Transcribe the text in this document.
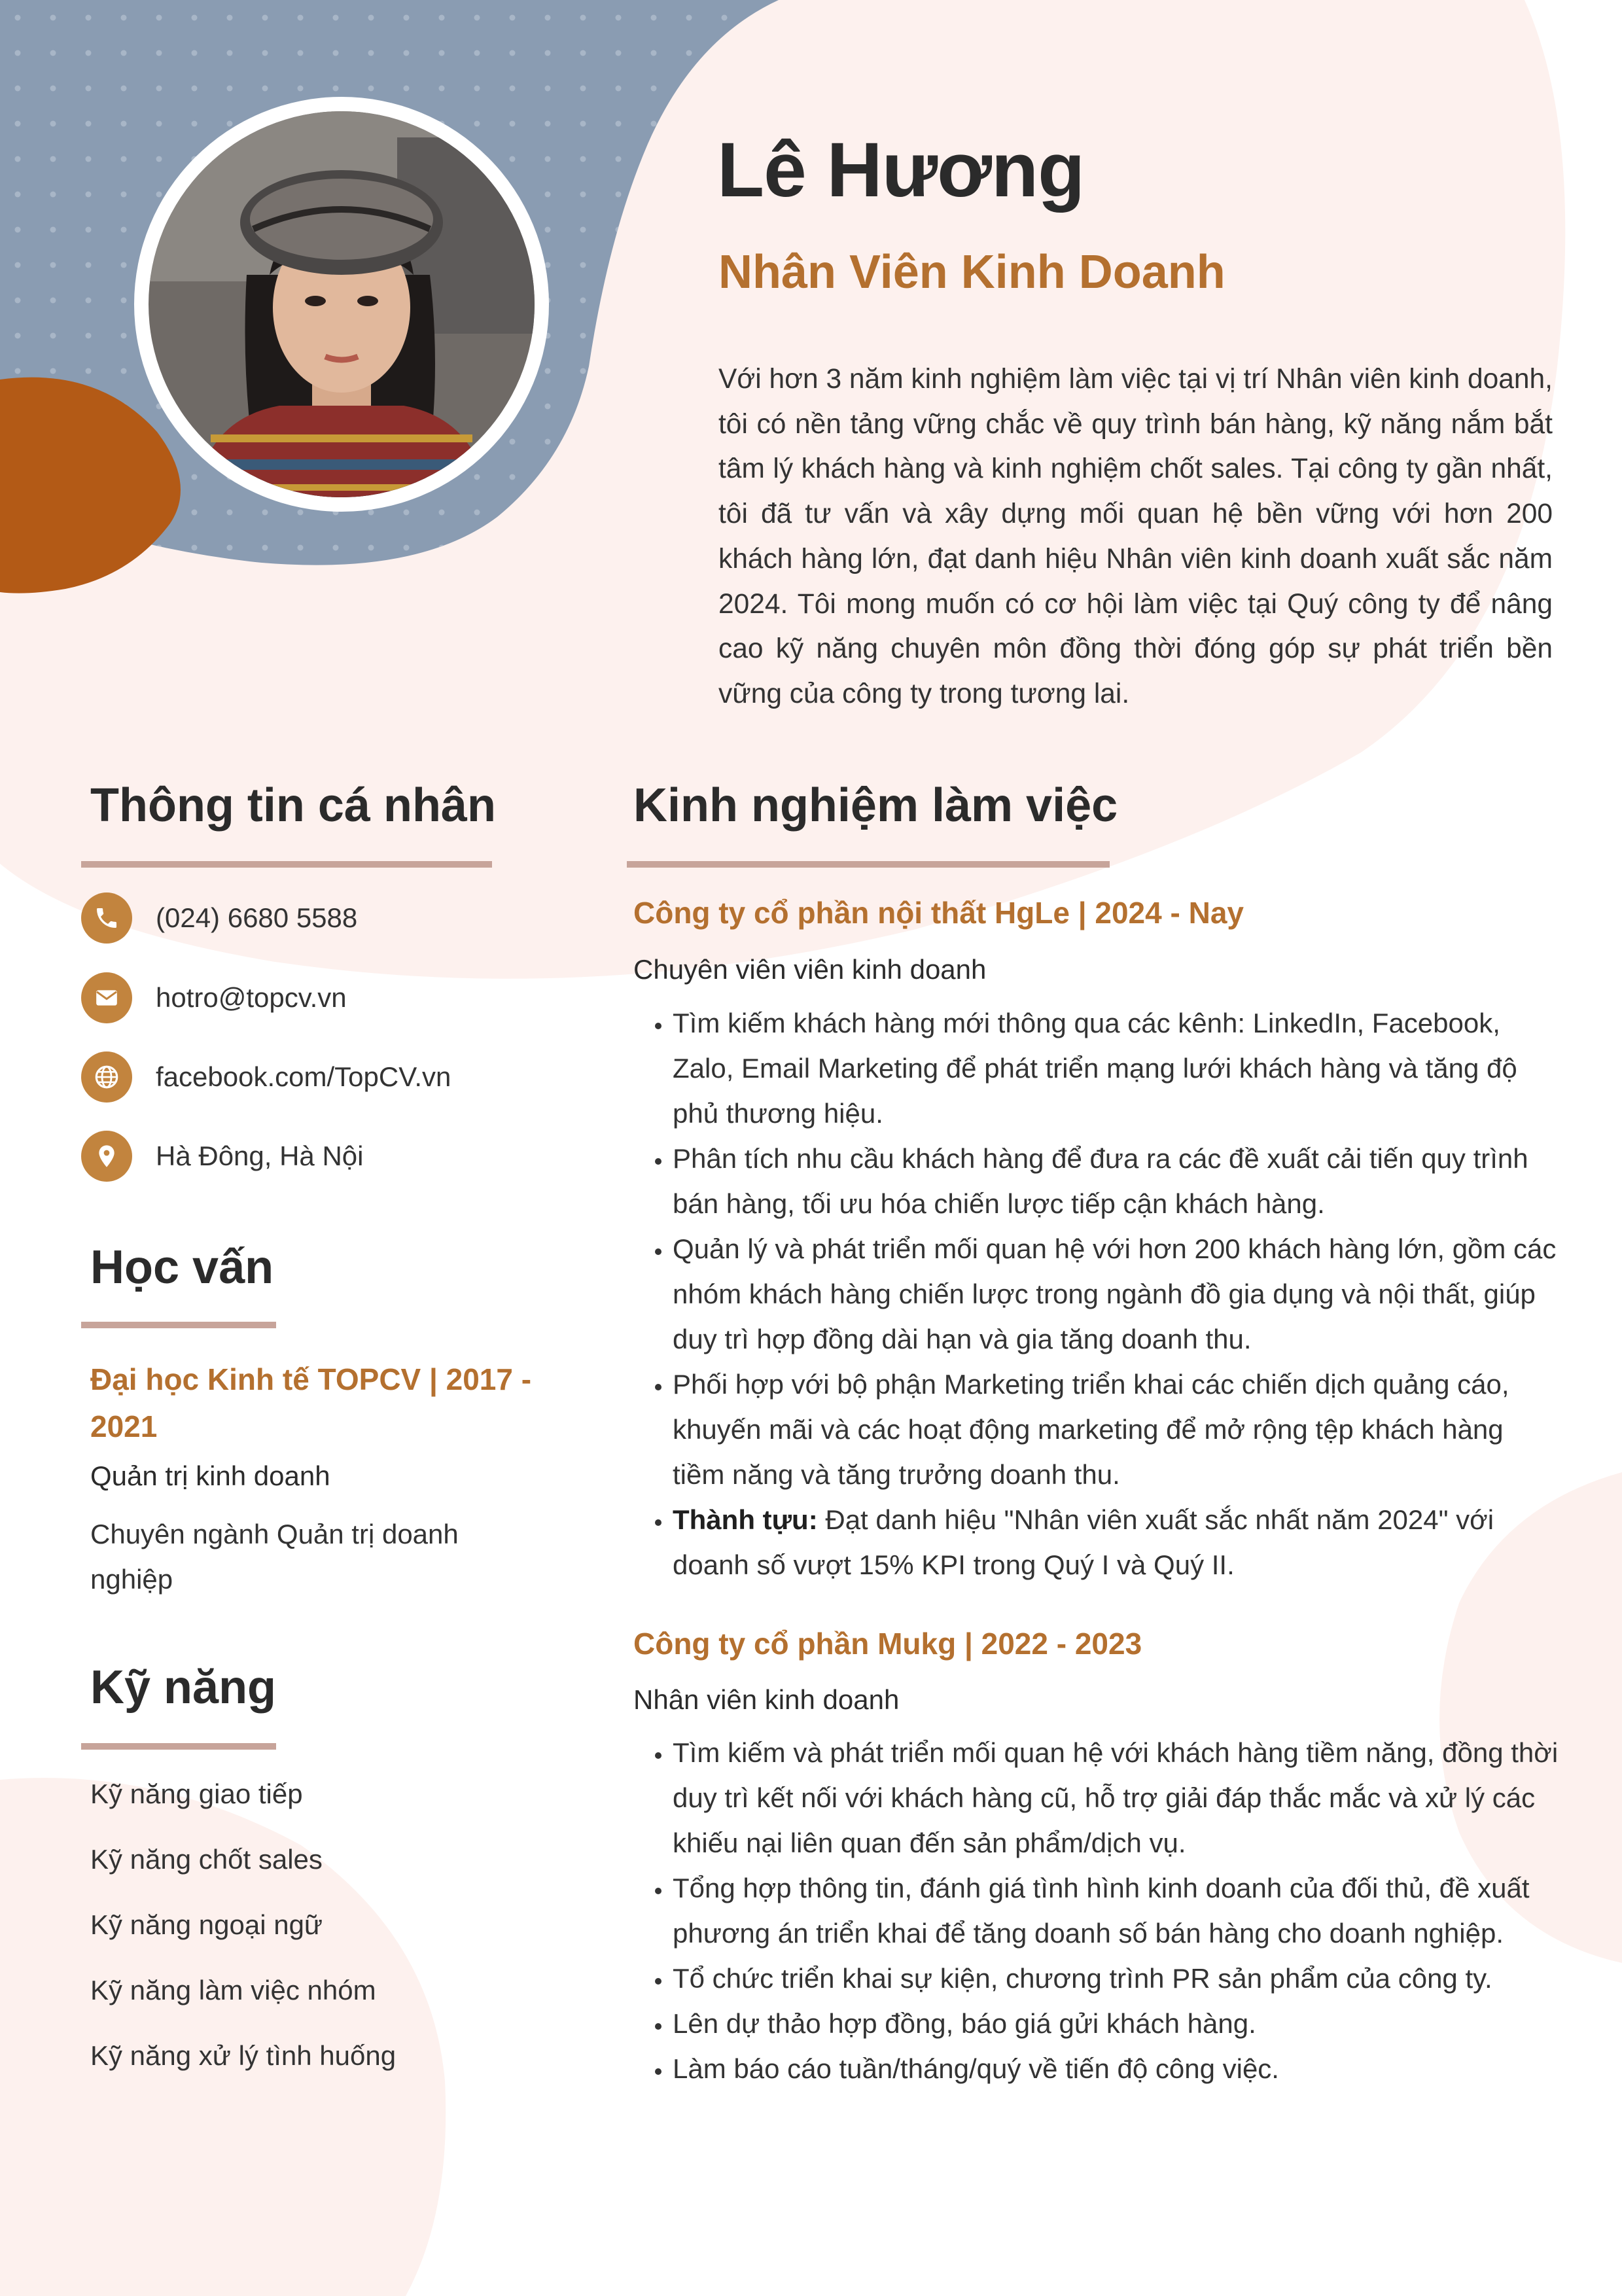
Lê Hương
Nhân Viên Kinh Doanh
Với hơn 3 năm kinh nghiệm làm việc tại vị trí Nhân viên kinh doanh, tôi có nền tảng vững chắc về quy trình bán hàng, kỹ năng nắm bắt tâm lý khách hàng và kinh nghiệm chốt sales. Tại công ty gần nhất, tôi đã tư vấn và xây dựng mối quan hệ bền vững với hơn 200 khách hàng lớn, đạt danh hiệu Nhân viên kinh doanh xuất sắc năm 2024. Tôi mong muốn có cơ hội làm việc tại Quý công ty để nâng cao kỹ năng chuyên môn đồng thời đóng góp sự phát triển bền vững của công ty trong tương lai.
Thông tin cá nhân
(024) 6680 5588
hotro@topcv.vn
facebook.com/TopCV.vn
Hà Đông, Hà Nội
Học vấn
Đại học Kinh tế TOPCV | 2017 - 2021
Quản trị kinh doanh
Chuyên ngành Quản trị doanh nghiệp
Kỹ năng
Kỹ năng giao tiếp
Kỹ năng chốt sales
Kỹ năng ngoại ngữ
Kỹ năng làm việc nhóm
Kỹ năng xử lý tình huống
Kinh nghiệm làm việc
Công ty cổ phần nội thất HgLe | 2024 - Nay
Chuyên viên viên kinh doanh
• Tìm kiếm khách hàng mới thông qua các kênh: LinkedIn, Facebook, Zalo, Email Marketing để phát triển mạng lưới khách hàng và tăng độ phủ thương hiệu.
• Phân tích nhu cầu khách hàng để đưa ra các đề xuất cải tiến quy trình bán hàng, tối ưu hóa chiến lược tiếp cận khách hàng.
• Quản lý và phát triển mối quan hệ với hơn 200 khách hàng lớn, gồm các nhóm khách hàng chiến lược trong ngành đồ gia dụng và nội thất, giúp duy trì hợp đồng dài hạn và gia tăng doanh thu.
• Phối hợp với bộ phận Marketing triển khai các chiến dịch quảng cáo, khuyến mãi và các hoạt động marketing để mở rộng tệp khách hàng tiềm năng và tăng trưởng doanh thu.
• Thành tựu: Đạt danh hiệu "Nhân viên xuất sắc nhất năm 2024" với doanh số vượt 15% KPI trong Quý I và Quý II.
Công ty cổ phần Mukg | 2022 - 2023
Nhân viên kinh doanh
• Tìm kiếm và phát triển mối quan hệ với khách hàng tiềm năng, đồng thời duy trì kết nối với khách hàng cũ, hỗ trợ giải đáp thắc mắc và xử lý các khiếu nại liên quan đến sản phẩm/dịch vụ.
• Tổng hợp thông tin, đánh giá tình hình kinh doanh của đối thủ, đề xuất phương án triển khai để tăng doanh số bán hàng cho doanh nghiệp.
• Tổ chức triển khai sự kiện, chương trình PR sản phẩm của công ty.
• Lên dự thảo hợp đồng, báo giá gửi khách hàng.
• Làm báo cáo tuần/tháng/quý về tiến độ công việc.
